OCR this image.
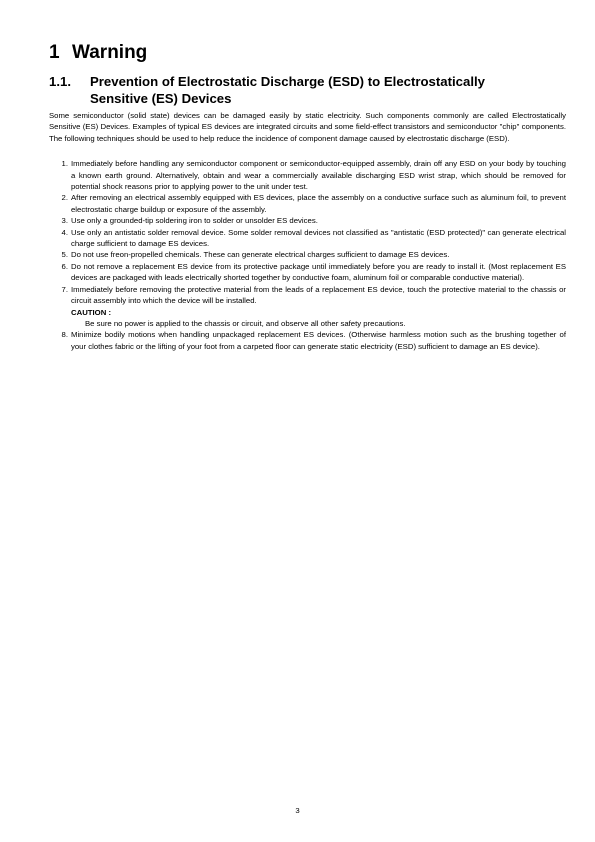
1 Warning
1.1.	Prevention of Electrostatic Discharge (ESD) to Electrostatically Sensitive (ES) Devices

Some semiconductor (solid state) devices can be damaged easily by static electricity. Such components commonly are called Electrostatically Sensitive (ES) Devices. Examples of typical ES devices are integrated circuits and some field-effect transistors and semiconductor "chip" components. The following techniques should be used to help reduce the incidence of component damage caused by electrostatic discharge (ESD).

1. Immediately before handling any semiconductor component or semiconductor-equipped assembly, drain off any ESD on your body by touching a known earth ground. Alternatively, obtain and wear a commercially available discharging ESD wrist strap, which should be removed for potential shock reasons prior to applying power to the unit under test.
2. After removing an electrical assembly equipped with ES devices, place the assembly on a conductive surface such as aluminum foil, to prevent electrostatic charge buildup or exposure of the assembly.
3. Use only a grounded-tip soldering iron to solder or unsolder ES devices.
4. Use only an antistatic solder removal device. Some solder removal devices not classified as "antistatic (ESD protected)" can generate electrical charge sufficient to damage ES devices.
5. Do not use freon-propelled chemicals. These can generate electrical charges sufficient to damage ES devices.
6. Do not remove a replacement ES device from its protective package until immediately before you are ready to install it. (Most replacement ES devices are packaged with leads electrically shorted together by conductive foam, aluminum foil or comparable conductive material).
7. Immediately before removing the protective material from the leads of a replacement ES device, touch the protective material to the chassis or circuit assembly into which the device will be installed.
CAUTION :
Be sure no power is applied to the chassis or circuit, and observe all other safety precautions.
8. Minimize bodily motions when handling unpackaged replacement ES devices. (Otherwise harmless motion such as the brushing together of your clothes fabric or the lifting of your foot from a carpeted floor can generate static electricity (ESD) sufficient to damage an ES device).
3
